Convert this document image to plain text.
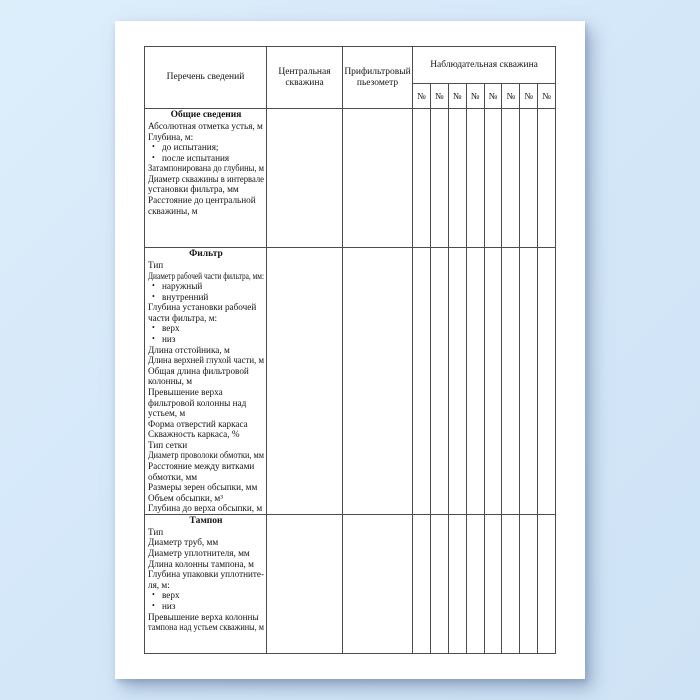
Перечень сведений	Центральная скважина	Прифильтровый пьезометр	Наблюдательная скважина							
			№	№	№	№	№	№	№	№

Общие сведения
Абсолютная отметка устья, м
Глубина, м:
• до испытания;
• после испытания
Затампонирована до глубины, м
Диаметр скважины в интервале
установки фильтра, мм
Расстояние до центральной
скважины, м

Фильтр
Тип
Диаметр рабочей части фильтра, мм:
• наружный
• внутренний
Глубина установки рабочей
части фильтра, м:
• верх
• низ
Длина отстойника, м
Длина верхней глухой части, м
Общая длина фильтровой
колонны, м
Превышение верха
фильтровой колонны над
устьем, м
Форма отверстий каркаса
Скважность каркаса, %
Тип сетки
Диаметр проволоки обмотки, мм
Расстояние между витками
обмотки, мм
Размеры зерен обсыпки, мм
Объем обсыпки, м³
Глубина до верха обсыпки, м

Тампон
Тип
Диаметр труб, мм
Диаметр уплотнителя, мм
Длина колонны тампона, м
Глубина упаковки уплотните-
ля, м:
• верх
• низ
Превышение верха колонны
тампона над устьем скважины, м
